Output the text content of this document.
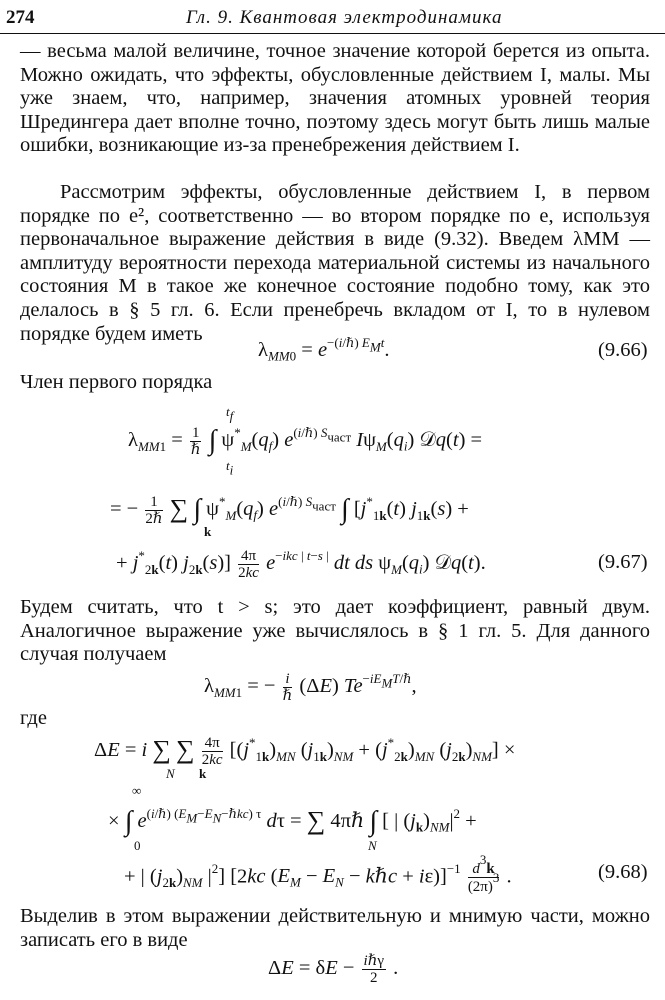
274	Гл. 9. Квантовая электродинамика

— весьма малой величине, точное значение которой берется из опыта. Можно ожидать, что эффекты, обусловленные действием I, малы. Мы уже знаем, что, например, значения атомных уровней теория Шредингера дает вполне точно, поэтому здесь могут быть лишь малые ошибки, возникающие из-за пренебрежения действием I.

Рассмотрим эффекты, обусловленные действием I, в первом порядке по e², соответственно — во втором порядке по e, используя первоначальное выражение действия в виде (9.32). Введем λMM — амплитуду вероятности перехода материальной системы из начального состояния M в такое же конечное состояние подобно тому, как это делалось в § 5 гл. 6. Если пренебречь вкладом от I, то в нулевом порядке будем иметь

$\lambda_{MM0} = e^{-(i/\hbar) E_Mt}$.	(9.66)

Член первого порядка

$\lambda_{MM1} = \frac{1}{\text{ℏ}}$ ∫ $\psi^*_M(q_f)$ $e^{(i/\hbar) S_{част}}$ $I\psi_M(q_i)$ 𝒟q(t) =
$t_f$
$t_i$
= − $\frac{1}{\text{2ℏ}}$ ∑ ∫ $\psi^*_M(q_f)$ $e^{(i/\hbar) S_{част}}$ ∫ [$j^*_{1k}(t) j_{1k}(s)$ +
k
+ $j^*_{2k}(t)$ $j_{2k}(s)] \frac{4\pi}{2kc} e^{-ikc | t-s |}$ dt ds $\psi_M(q_i)$ 𝒟q(t).	(9.67)

Будем считать, что t > s; это дает коэффициент, равный двум. Аналогичное выражение уже вычислялось в § 1 гл. 5. Для данного случая получаем

$\lambda_{MM1}$ = − $\frac{i}{\text{ℏ}} (\Delta E)$ $Te^{-iE_MT/\hbar}$,

где

ΔE = i ∑ ∑ $\frac{4\pi}{2kc} [(j^*_{1k})_{MN}$ $(j_{1k})_{NM} + (j^*_{2k})_{MN}$ $(j_{2k})_{NM}$] ×
N k
× ∫ $e^{(i/\hbar) (E_M-E_N-\hbar kc) \tau}$ dτ = ∑ 4πℏ ∫ [ | $(j_k)_{NM}|^2$ +
∞
0	N
+ | $(j_{2k})_{NM}$ $|^2$] [2kc ($E_M - E_N$ − kℏc + $i\varepsilon)]^{-1} \frac{d^3k}{(2\pi)^3}$ .	(9.68)

Выделив в этом выражении действительную и мнимую части, можно записать его в виде

$\Delta E = \delta E - \frac{\text{iℏγ}}{2}$ .
